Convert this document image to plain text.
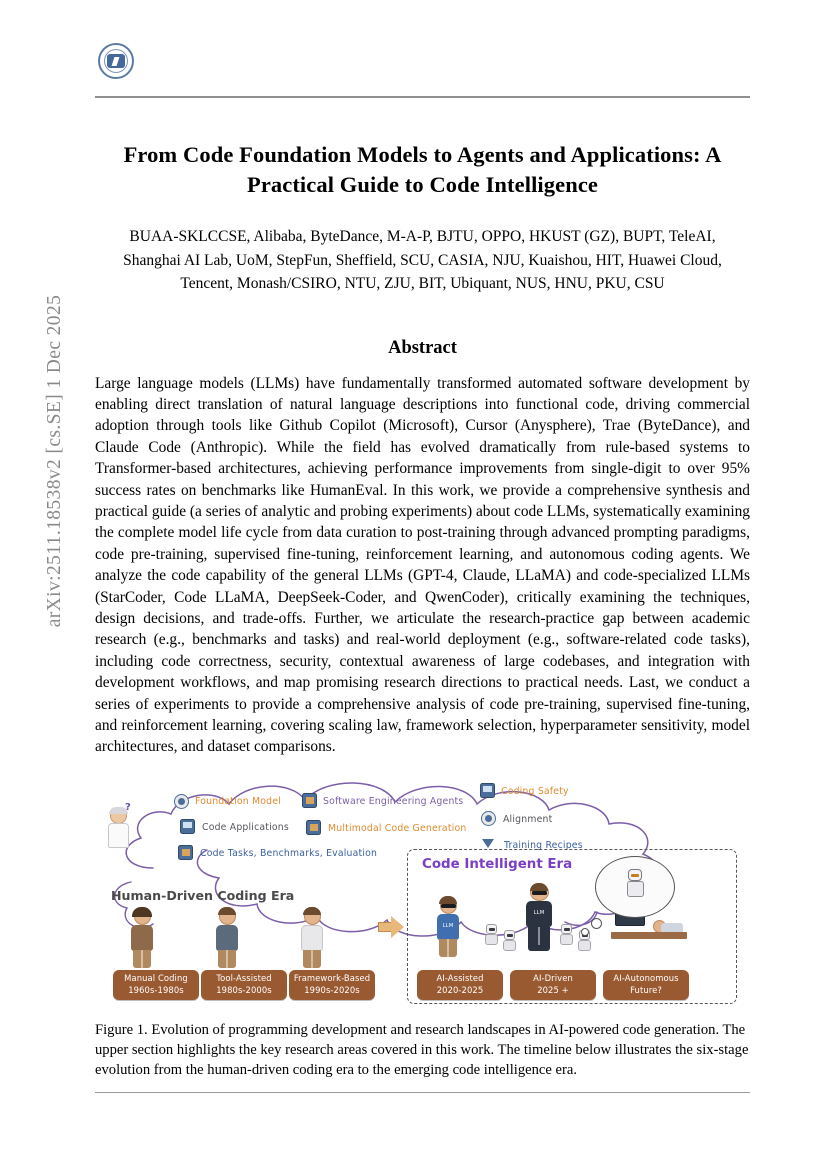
arXiv:2511.18538v2 [cs.SE] 1 Dec 2025
From Code Foundation Models to Agents and Applications: A Practical Guide to Code Intelligence
BUAA-SKLCCSE, Alibaba, ByteDance, M-A-P, BJTU, OPPO, HKUST (GZ), BUPT, TeleAI,
Shanghai AI Lab, UoM, StepFun, Sheffield, SCU, CASIA, NJU, Kuaishou, HIT, Huawei Cloud,
Tencent, Monash/CSIRO, NTU, ZJU, BIT, Ubiquant, NUS, HNU, PKU, CSU
Abstract

Large language models (LLMs) have fundamentally transformed automated software development by enabling direct translation of natural language descriptions into functional code, driving commercial adoption through tools like Github Copilot (Microsoft), Cursor (Anysphere), Trae (ByteDance), and Claude Code (Anthropic). While the field has evolved dramatically from rule-based systems to Transformer-based architectures, achieving performance improvements from single-digit to over 95% success rates on benchmarks like HumanEval. In this work, we provide a comprehensive synthesis and practical guide (a series of analytic and probing experiments) about code LLMs, systematically examining the complete model life cycle from data curation to post-training through advanced prompting paradigms, code pre-training, supervised fine-tuning, reinforcement learning, and autonomous coding agents. We analyze the code capability of the general LLMs (GPT-4, Claude, LLaMA) and code-specialized LLMs (StarCoder, Code LLaMA, DeepSeek-Coder, and QwenCoder), critically examining the techniques, design decisions, and trade-offs. Further, we articulate the research-practice gap between academic research (e.g., benchmarks and tasks) and real-world deployment (e.g., software-related code tasks), including code correctness, security, contextual awareness of large codebases, and integration with development workflows, and map promising research directions to practical needs. Last, we conduct a series of experiments to provide a comprehensive analysis of code pre-training, supervised fine-tuning, and reinforcement learning, covering scaling law, framework selection, hyperparameter sensitivity, model architectures, and dataset comparisons.

?
Foundation Model	Software Engineering Agents
Coding Safety
Code Applications	Multimodal Code Generation
Alignment
Code Tasks, Benchmarks, Evaluation
Training Recipes
Human-Driven Coding Era
Code Intelligent Era
LLM
LLM
Manual Coding
1960s-1980s
Tool-Assisted
1980s-2000s
Framework-Based
1990s-2020s
AI-Assisted
2020-2025
AI-Driven
2025 +
AI-Autonomous
Future?

Figure 1. Evolution of programming development and research landscapes in AI-powered code generation. The upper section highlights the key research areas covered in this work. The timeline below illustrates the six-stage evolution from the human-driven coding era to the emerging code intelligence era.
